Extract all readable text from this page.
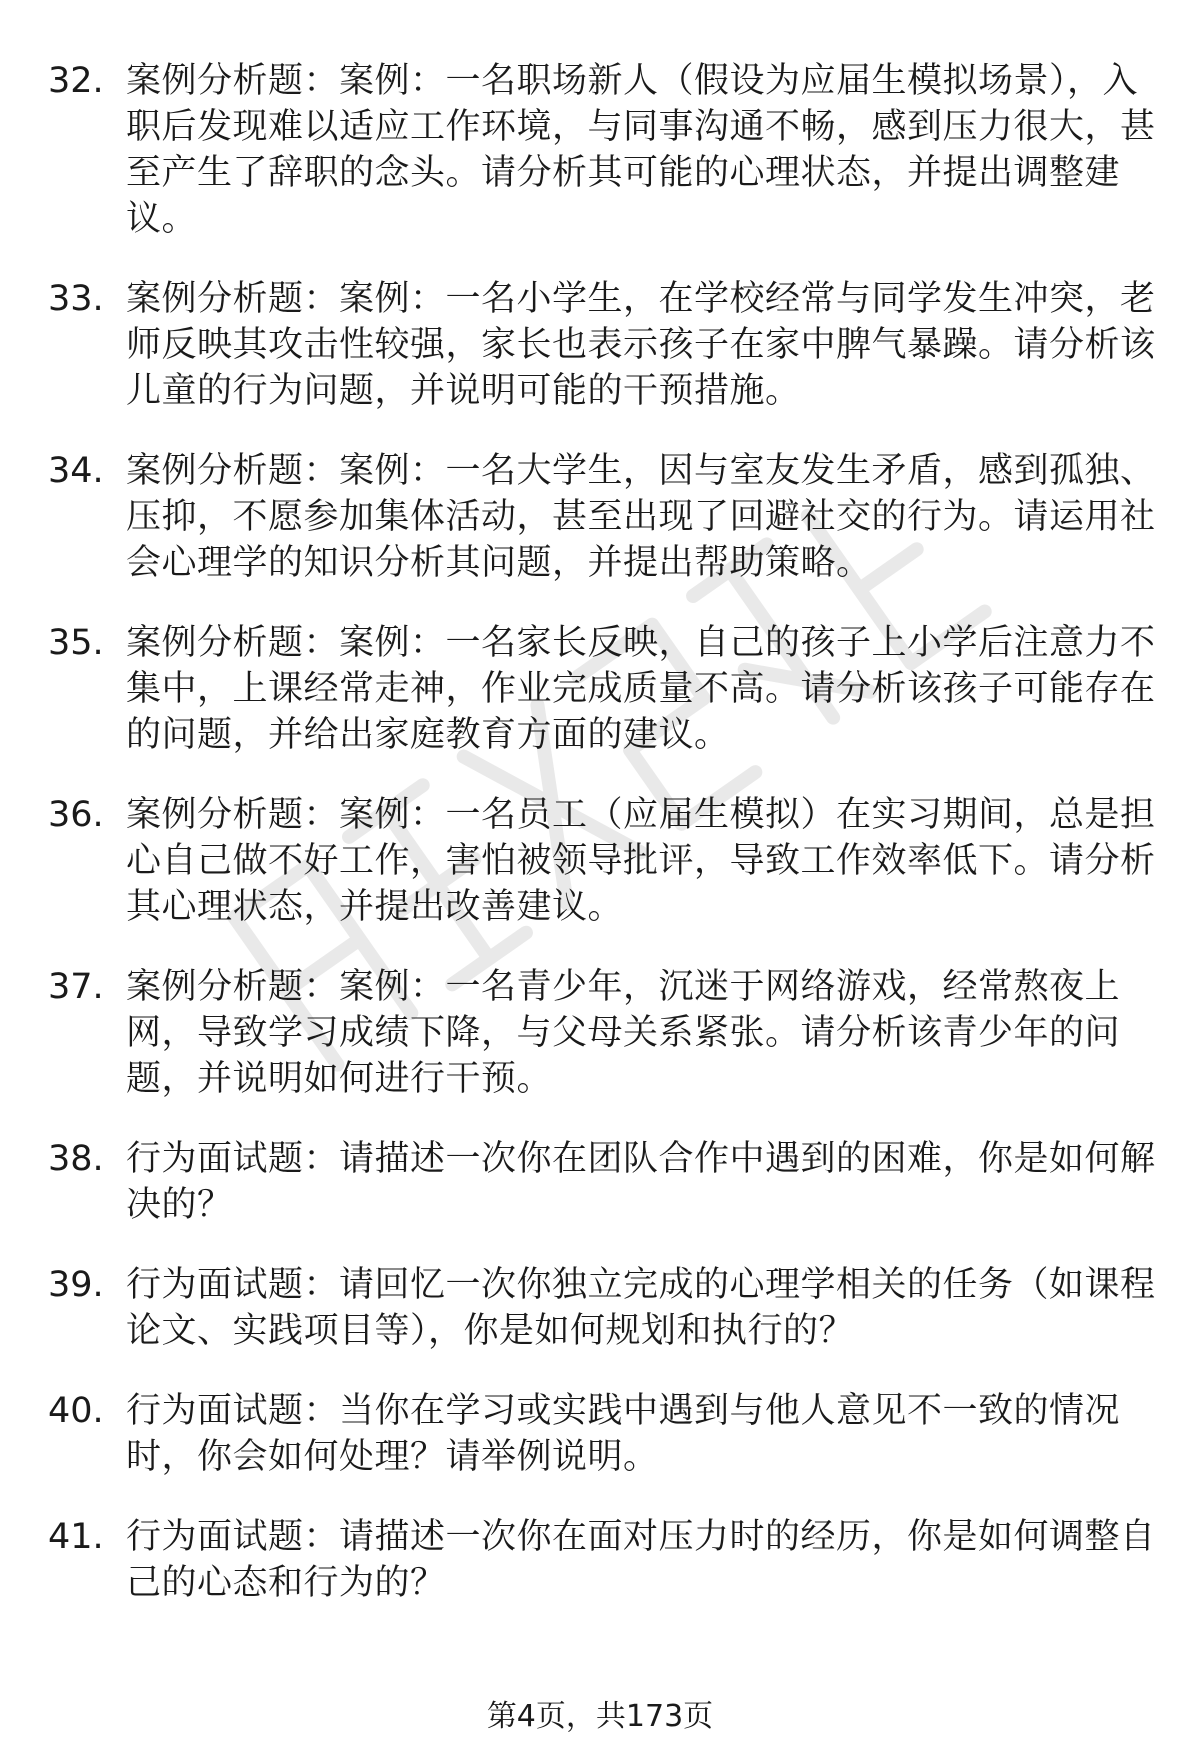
32. 案例分析题：案例：一名职场新人（假设为应届生模拟场景），入职后发现难以适应工作环境，与同事沟通不畅，感到压力很大，甚至产生了辞职的念头。请分析其可能的心理状态，并提出调整建议。
33. 案例分析题：案例：一名小学生，在学校经常与同学发生冲突，老师反映其攻击性较强，家长也表示孩子在家中脾气暴躁。请分析该儿童的行为问题，并说明可能的干预措施。
34. 案例分析题：案例：一名大学生，因与室友发生矛盾，感到孤独、压抑，不愿参加集体活动，甚至出现了回避社交的行为。请运用社会心理学的知识分析其问题，并提出帮助策略。
35. 案例分析题：案例：一名家长反映，自己的孩子上小学后注意力不集中，上课经常走神，作业完成质量不高。请分析该孩子可能存在的问题，并给出家庭教育方面的建议。
36. 案例分析题：案例：一名员工（应届生模拟）在实习期间，总是担心自己做不好工作，害怕被领导批评，导致工作效率低下。请分析其心理状态，并提出改善建议。
37. 案例分析题：案例：一名青少年，沉迷于网络游戏，经常熬夜上网，导致学习成绩下降，与父母关系紧张。请分析该青少年的问题，并说明如何进行干预。
38. 行为面试题：请描述一次你在团队合作中遇到的困难，你是如何解决的？
39. 行为面试题：请回忆一次你独立完成的心理学相关的任务（如课程论文、实践项目等），你是如何规划和执行的？
40. 行为面试题：当你在学习或实践中遇到与他人意见不一致的情况时，你会如何处理？请举例说明。
41. 行为面试题：请描述一次你在面对压力时的经历，你是如何调整自己的心态和行为的？
第4页，共173页
